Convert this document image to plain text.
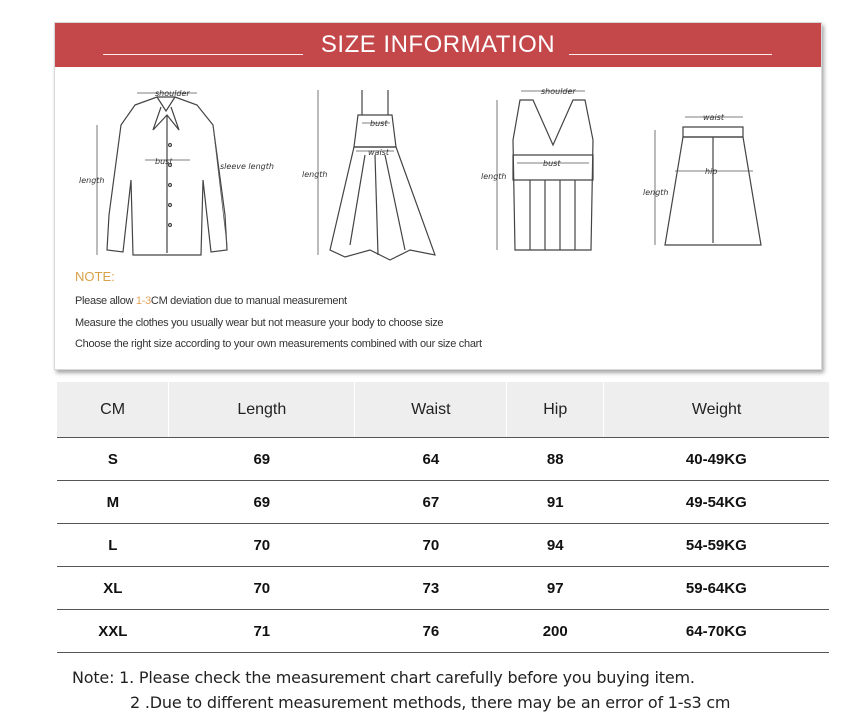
SIZE INFORMATION
shoulder
bust
sleeve length
length
bust
waist
length
shoulder
bust
length
waist
hip
length
NOTE:
Please allow 1-3CM deviation due to manual measurement
Measure the clothes you usually wear but not measure your body to choose size
Choose the right size according to your own measurements combined with our size chart
CM	Length	Waist	Hip	Weight
S	69	64	88	40-49KG
M	69	67	91	49-54KG
L	70	70	94	54-59KG
XL	70	73	97	59-64KG
XXL	71	76	200	64-70KG
Note: 1. Please check the measurement chart carefully before you buying item.
2 .Due to different measurement methods, there may be an error of 1-s3 cm
